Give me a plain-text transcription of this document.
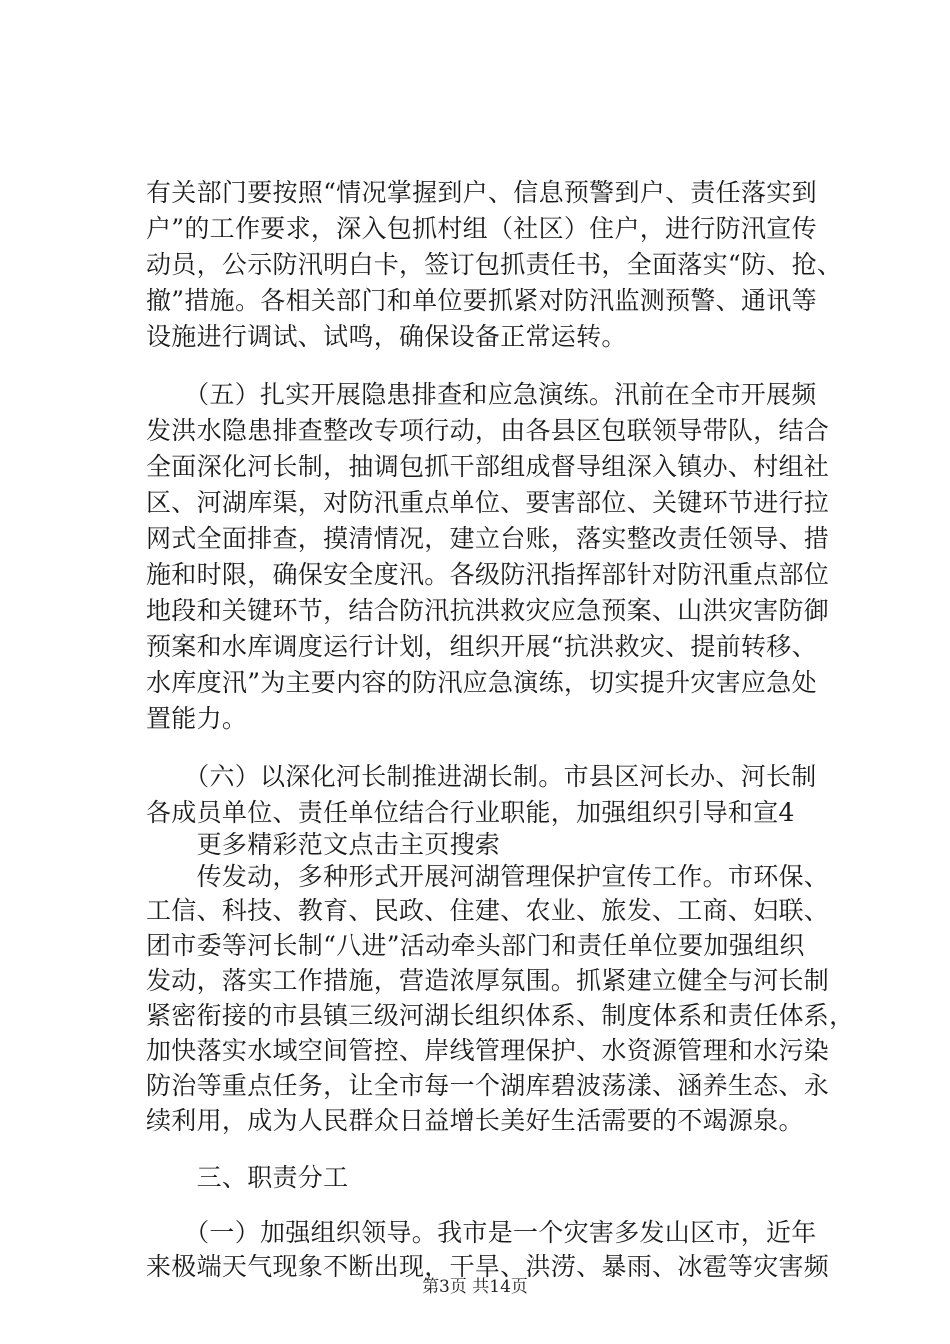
有关部门要按照“情况掌握到户、信息预警到户、责任落实到
户”的工作要求，深入包抓村组（社区）住户，进行防汛宣传
动员，公示防汛明白卡，签订包抓责任书，全面落实“防、抢、
撤”措施。各相关部门和单位要抓紧对防汛监测预警、通讯等
设施进行调试、试鸣，确保设备正常运转。
　　（五）扎实开展隐患排查和应急演练。汛前在全市开展频
发洪水隐患排查整改专项行动，由各县区包联领导带队，结合
全面深化河长制，抽调包抓干部组成督导组深入镇办、村组社
区、河湖库渠，对防汛重点单位、要害部位、关键环节进行拉
网式全面排查，摸清情况，建立台账，落实整改责任领导、措
施和时限，确保安全度汛。各级防汛指挥部针对防汛重点部位
地段和关键环节，结合防汛抗洪救灾应急预案、山洪灾害防御
预案和水库调度运行计划，组织开展“抗洪救灾、提前转移、
水库度汛”为主要内容的防汛应急演练，切实提升灾害应急处
置能力。
　　（六）以深化河长制推进湖长制。市县区河长办、河长制
各成员单位、责任单位结合行业职能，加强组织引导和宣4
　　更多精彩范文点击主页搜索
　　传发动，多种形式开展河湖管理保护宣传工作。市环保、
工信、科技、教育、民政、住建、农业、旅发、工商、妇联、
团市委等河长制“八进”活动牵头部门和责任单位要加强组织
发动，落实工作措施，营造浓厚氛围。抓紧建立健全与河长制
紧密衔接的市县镇三级河湖长组织体系、制度体系和责任体系，
加快落实水域空间管控、岸线管理保护、水资源管理和水污染
防治等重点任务，让全市每一个湖库碧波荡漾、涵养生态、永
续利用，成为人民群众日益增长美好生活需要的不竭源泉。
　　三、职责分工
　　（一）加强组织领导。我市是一个灾害多发山区市，近年
来极端天气现象不断出现，干旱、洪涝、暴雨、冰雹等灾害频
第3页 共14页
